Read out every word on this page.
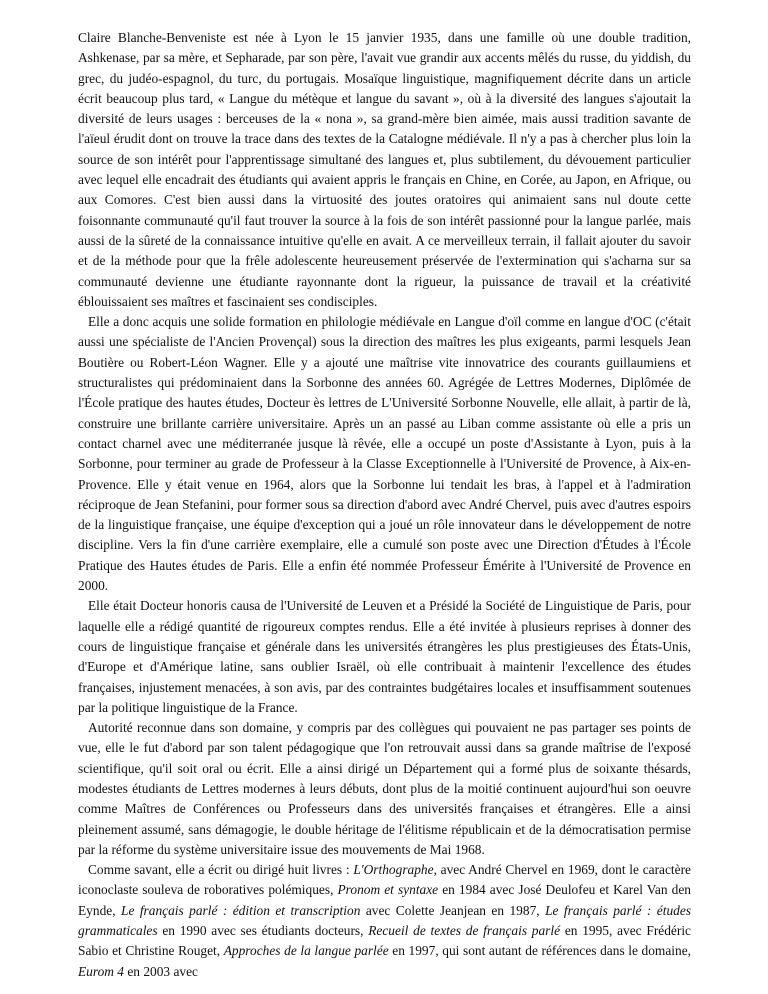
Claire Blanche-Benveniste est née à Lyon le 15 janvier 1935, dans une famille où une double tradition, Ashkenase, par sa mère, et Sepharade, par son père, l'avait vue grandir aux accents mêlés du russe, du yiddish, du grec, du judéo-espagnol, du turc, du portugais. Mosaïque linguistique, magnifiquement décrite dans un article écrit beaucoup plus tard, « Langue du métèque et langue du savant », où à la diversité des langues s'ajoutait la diversité de leurs usages : berceuses de la « nona », sa grand-mère bien aimée, mais aussi tradition savante de l'aïeul érudit dont on trouve la trace dans des textes de la Catalogne médiévale. Il n'y a pas à chercher plus loin la source de son intérêt pour l'apprentissage simultané des langues et, plus subtilement, du dévouement particulier avec lequel elle encadrait des étudiants qui avaient appris le français en Chine, en Corée, au Japon, en Afrique, ou aux Comores. C'est bien aussi dans la virtuosité des joutes oratoires qui animaient sans nul doute cette foisonnante communauté qu'il faut trouver la source à la fois de son intérêt passionné pour la langue parlée, mais aussi de la sûreté de la connaissance intuitive qu'elle en avait. A ce merveilleux terrain, il fallait ajouter du savoir et de la méthode pour que la frêle adolescente heureusement préservée de l'extermination qui s'acharna sur sa communauté devienne une étudiante rayonnante dont la rigueur, la puissance de travail et la créativité éblouissaient ses maîtres et fascinaient ses condisciples.

Elle a donc acquis une solide formation en philologie médiévale en Langue d'oïl comme en langue d'OC (c'était aussi une spécialiste de l'Ancien Provençal) sous la direction des maîtres les plus exigeants, parmi lesquels Jean Boutière ou Robert-Léon Wagner. Elle y a ajouté une maîtrise vite innovatrice des courants guillaumiens et structuralistes qui prédominaient dans la Sorbonne des années 60. Agrégée de Lettres Modernes, Diplômée de l'École pratique des hautes études, Docteur ès lettres de L'Université Sorbonne Nouvelle, elle allait, à partir de là, construire une brillante carrière universitaire. Après un an passé au Liban comme assistante où elle a pris un contact charnel avec une méditerranée jusque là rêvée, elle a occupé un poste d'Assistante à Lyon, puis à la Sorbonne, pour terminer au grade de Professeur à la Classe Exceptionnelle à l'Université de Provence, à Aix-en-Provence. Elle y était venue en 1964, alors que la Sorbonne lui tendait les bras, à l'appel et à l'admiration réciproque de Jean Stefanini, pour former sous sa direction d'abord avec André Chervel, puis avec d'autres espoirs de la linguistique française, une équipe d'exception qui a joué un rôle innovateur dans le développement de notre discipline. Vers la fin d'une carrière exemplaire, elle a cumulé son poste avec une Direction d'Études à l'École Pratique des Hautes études de Paris. Elle a enfin été nommée Professeur Émérite à l'Université de Provence en 2000.

Elle était Docteur honoris causa de l'Université de Leuven et a Présidé la Société de Linguistique de Paris, pour laquelle elle a rédigé quantité de rigoureux comptes rendus. Elle a été invitée à plusieurs reprises à donner des cours de linguistique française et générale dans les universités étrangères les plus prestigieuses des États-Unis, d'Europe et d'Amérique latine, sans oublier Israël, où elle contribuait à maintenir l'excellence des études françaises, injustement menacées, à son avis, par des contraintes budgétaires locales et insuffisamment soutenues par la politique linguistique de la France.

Autorité reconnue dans son domaine, y compris par des collègues qui pouvaient ne pas partager ses points de vue, elle le fut d'abord par son talent pédagogique que l'on retrouvait aussi dans sa grande maîtrise de l'exposé scientifique, qu'il soit oral ou écrit. Elle a ainsi dirigé un Département qui a formé plus de soixante thésards, modestes étudiants de Lettres modernes à leurs débuts, dont plus de la moitié continuent aujourd'hui son oeuvre comme Maîtres de Conférences ou Professeurs dans des universités françaises et étrangères. Elle a ainsi pleinement assumé, sans démagogie, le double héritage de l'élitisme républicain et de la démocratisation permise par la réforme du système universitaire issue des mouvements de Mai 1968.

Comme savant, elle a écrit ou dirigé huit livres : L'Orthographe, avec André Chervel en 1969, dont le caractère iconoclaste souleva de roboratives polémiques, Pronom et syntaxe en 1984 avec José Deulofeu et Karel Van den Eynde, Le français parlé : édition et transcription avec Colette Jeanjean en 1987, Le français parlé : études grammaticales en 1990 avec ses étudiants docteurs, Recueil de textes de français parlé en 1995, avec Frédéric Sabio et Christine Rouget, Approches de la langue parlée en 1997, qui sont autant de références dans le domaine, Eurom 4 en 2003 avec
